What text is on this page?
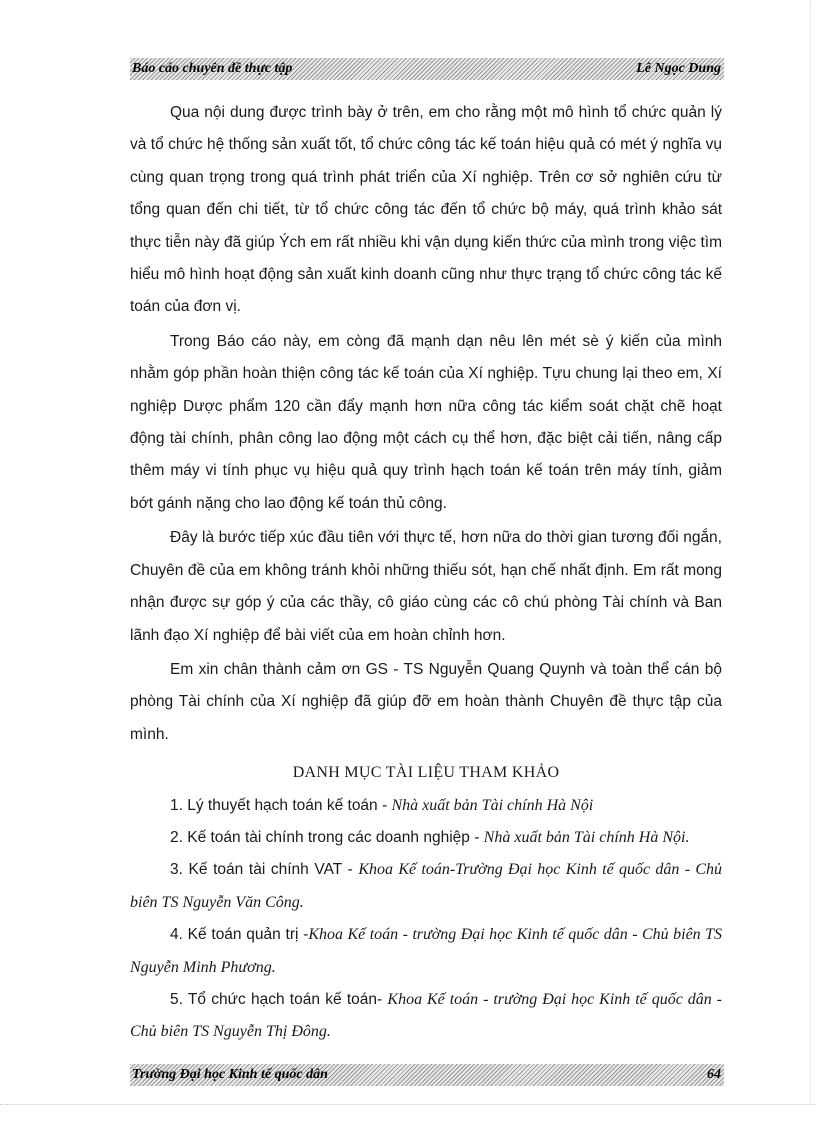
Báo cáo chuyên đề thực tập	Lê Ngọc Dung

Qua nội dung được trình bày ở trên, em cho rằng một mô hình tổ chức quản lý và tổ chức hệ thống sản xuất tốt, tổ chức công tác kế toán hiệu quả có mét ý nghĩa vụ cùng quan trọng trong quá trình phát triển của Xí nghiệp. Trên cơ sở nghiên cứu từ tổng quan đến chi tiết, từ tổ chức công tác đến tổ chức bộ máy, quá trình khảo sát thực tiễn này đã giúp Ých em rất nhiều khi vận dụng kiến thức của mình trong việc tìm hiểu mô hình hoạt động sản xuất kinh doanh cũng như thực trạng tổ chức công tác kế toán của đơn vị.

Trong Báo cáo này, em còng đã mạnh dạn nêu lên mét sè ý kiến của mình nhằm góp phần hoàn thiện công tác kế toán của Xí nghiệp. Tựu chung lại theo em, Xí nghiệp Dược phẩm 120 cần đẩy mạnh hơn nữa công tác kiểm soát chặt chẽ hoạt động tài chính, phân công lao động một cách cụ thể hơn, đặc biệt cải tiến, nâng cấp thêm máy vi tính phục vụ hiệu quả quy trình hạch toán kế toán trên máy tính, giảm bớt gánh nặng cho lao động kế toán thủ công.

Đây là bước tiếp xúc đầu tiên với thực tế, hơn nữa do thời gian tương đối ngắn, Chuyên đề của em không tránh khỏi những thiếu sót, hạn chế nhất định. Em rất mong nhận được sự góp ý của các thầy, cô giáo cùng các cô chú phòng Tài chính và Ban lãnh đạo Xí nghiệp để bài viết của em hoàn chỉnh hơn.

Em xin chân thành cảm ơn GS - TS Nguyễn Quang Quynh và toàn thể cán bộ phòng Tài chính của Xí nghiệp đã giúp đỡ em hoàn thành Chuyên đề thực tập của mình.

DANH MỤC TÀI LIỆU THAM KHẢO

1. Lý thuyết hạch toán kế toán - Nhà xuất bản Tài chính Hà Nội

2. Kế toán tài chính trong các doanh nghiệp - Nhà xuất bản Tài chính Hà Nội.

3. Kế toán tài chính VAT - Khoa Kế toán-Trường Đại học Kinh tế quốc dân - Chủ biên TS Nguyễn Văn Công.

4. Kế toán quản trị -Khoa Kế toán - trường Đại học Kinh tế quốc dân - Chủ biên TS Nguyễn Minh Phương.

5. Tổ chức hạch toán kế toán- Khoa Kế toán - trường Đại học Kinh tế quốc dân - Chủ biên TS Nguyễn Thị Đông.

Trường Đại học Kinh tế quốc dân	64
